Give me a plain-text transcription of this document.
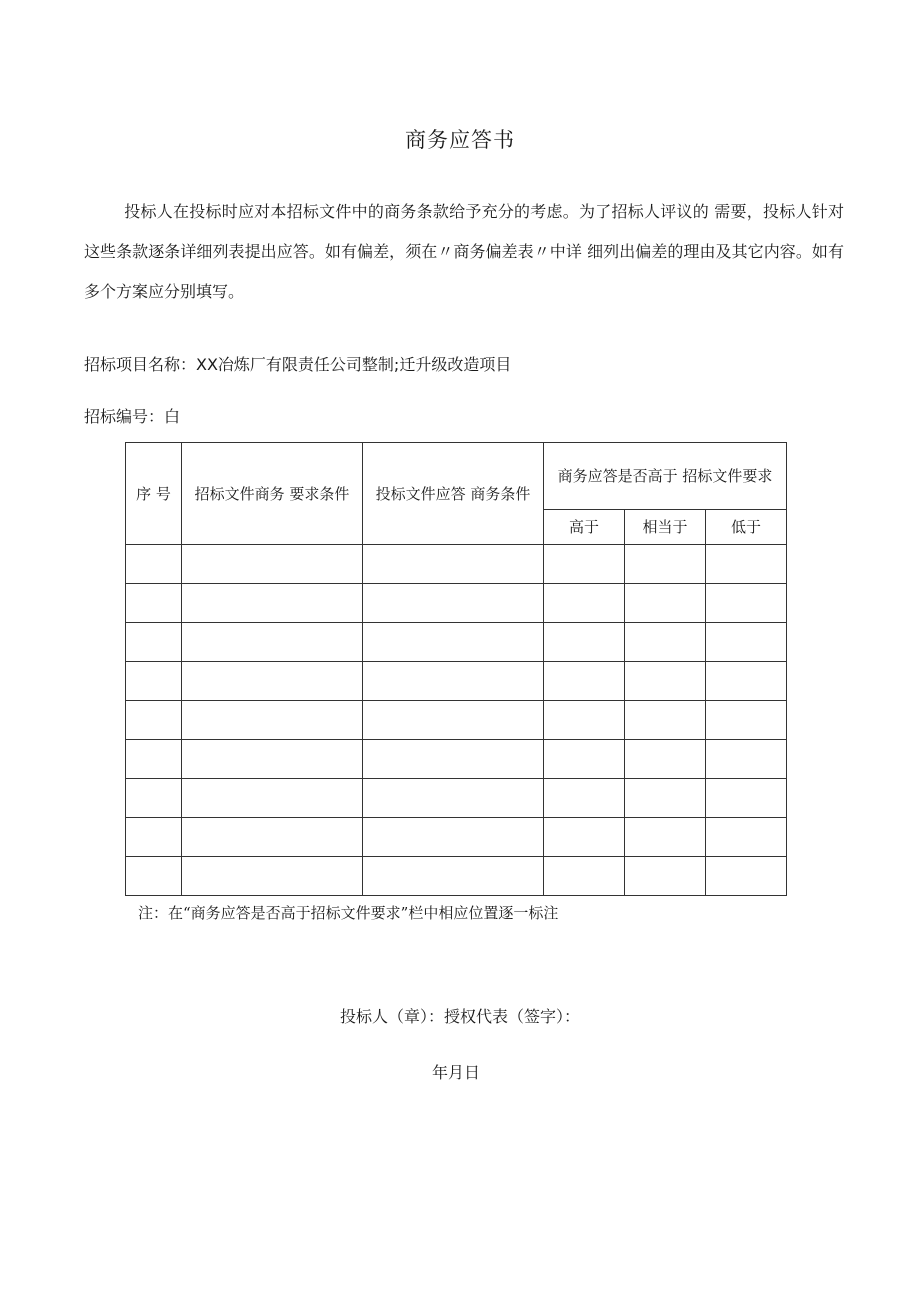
商务应答书
投标人在投标时应对本招标文件中的商务条款给予充分的考虑。为了招标人评议的 需要，投标人针对这些条款逐条详细列表提出应答。如有偏差，须在〃商务偏差表〃中详 细列出偏差的理由及其它内容。如有多个方案应分别填写。
招标项目名称：XX冶炼厂有限责任公司整制;迁升级改造项目
招标编号：白
序 号	招标文件商务 要求条件	投标文件应答 商务条件	商务应答是否高于 招标文件要求		
			高于	相当于	低于

注：在“商务应答是否高于招标文件要求”栏中相应位置逐一标注
投标人（章）：授权代表（签字）：
年月日
